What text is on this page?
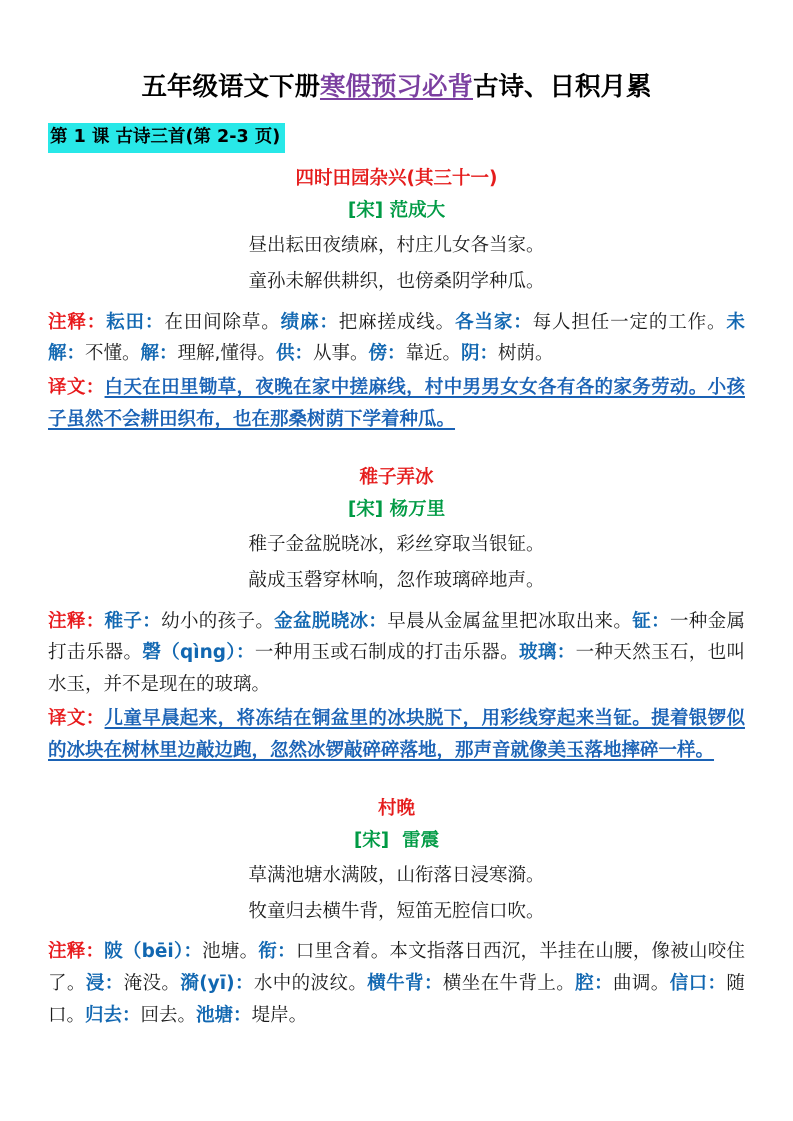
五年级语文下册寒假预习必背古诗、日积月累
第 1 课 古诗三首(第 2-3 页)

四时田园杂兴(其三十一)

[宋] 范成大

昼出耘田夜绩麻，村庄儿女各当家。

童孙未解供耕织，也傍桑阴学种瓜。

注释：耘田：在田间除草。绩麻：把麻搓成线。各当家：每人担任一定的工作。未解：不懂。解：理解,懂得。供：从事。傍：靠近。阴：树荫。

译文：白天在田里锄草，夜晚在家中搓麻线，村中男男女女各有各的家务劳动。小孩子虽然不会耕田织布，也在那桑树荫下学着种瓜。

稚子弄冰

[宋] 杨万里

稚子金盆脱晓冰，彩丝穿取当银钲。

敲成玉磬穿林响，忽作玻璃碎地声。

注释：稚子：幼小的孩子。金盆脱晓冰：早晨从金属盆里把冰取出来。钲：一种金属打击乐器。磬（qìng）：一种用玉或石制成的打击乐器。玻璃：一种天然玉石，也叫水玉，并不是现在的玻璃。

译文：儿童早晨起来，将冻结在铜盆里的冰块脱下，用彩线穿起来当钲。提着银锣似的冰块在树林里边敲边跑，忽然冰锣敲碎碎落地，那声音就像美玉落地摔碎一样。

村晚

[宋]  雷震

草满池塘水满陂，山衔落日浸寒漪。

牧童归去横牛背，短笛无腔信口吹。

注释：陂（bēi）：池塘。衔：口里含着。本文指落日西沉，半挂在山腰，像被山咬住了。浸：淹没。漪(yī)：水中的波纹。横牛背：横坐在牛背上。腔：曲调。信口：随口。归去：回去。池塘：堤岸。
